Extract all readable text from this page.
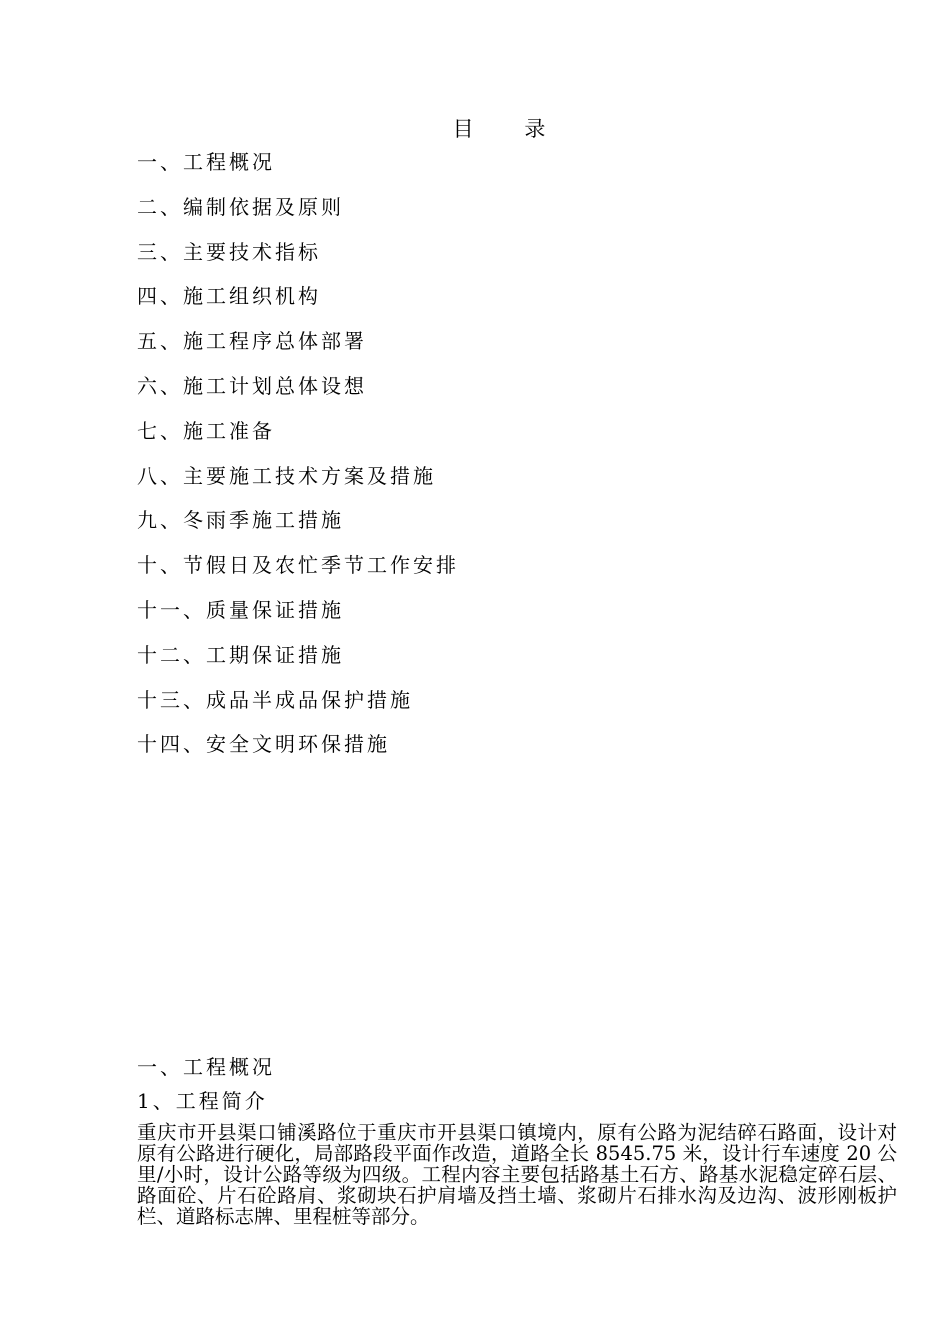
目 录
一、工程概况
二、编制依据及原则
三、主要技术指标
四、施工组织机构
五、施工程序总体部署
六、施工计划总体设想
七、施工准备
八、主要施工技术方案及措施
九、冬雨季施工措施
十、节假日及农忙季节工作安排
十一、质量保证措施
十二、工期保证措施
十三、成品半成品保护措施
十四、安全文明环保措施
一、工程概况
1、工程简介

重庆市开县渠口铺溪路位于重庆市开县渠口镇境内，原有公路为泥结碎石路面，设计对原有公路进行硬化，局部路段平面作改造，道路全长 8545.75 米，设计行车速度 20 公里/小时，设计公路等级为四级。工程内容主要包括路基土石方、路基水泥稳定碎石层、路面砼、片石砼路肩、浆砌块石护肩墙及挡土墙、浆砌片石排水沟及边沟、波形刚板护栏、道路标志牌、里程桩等部分。
